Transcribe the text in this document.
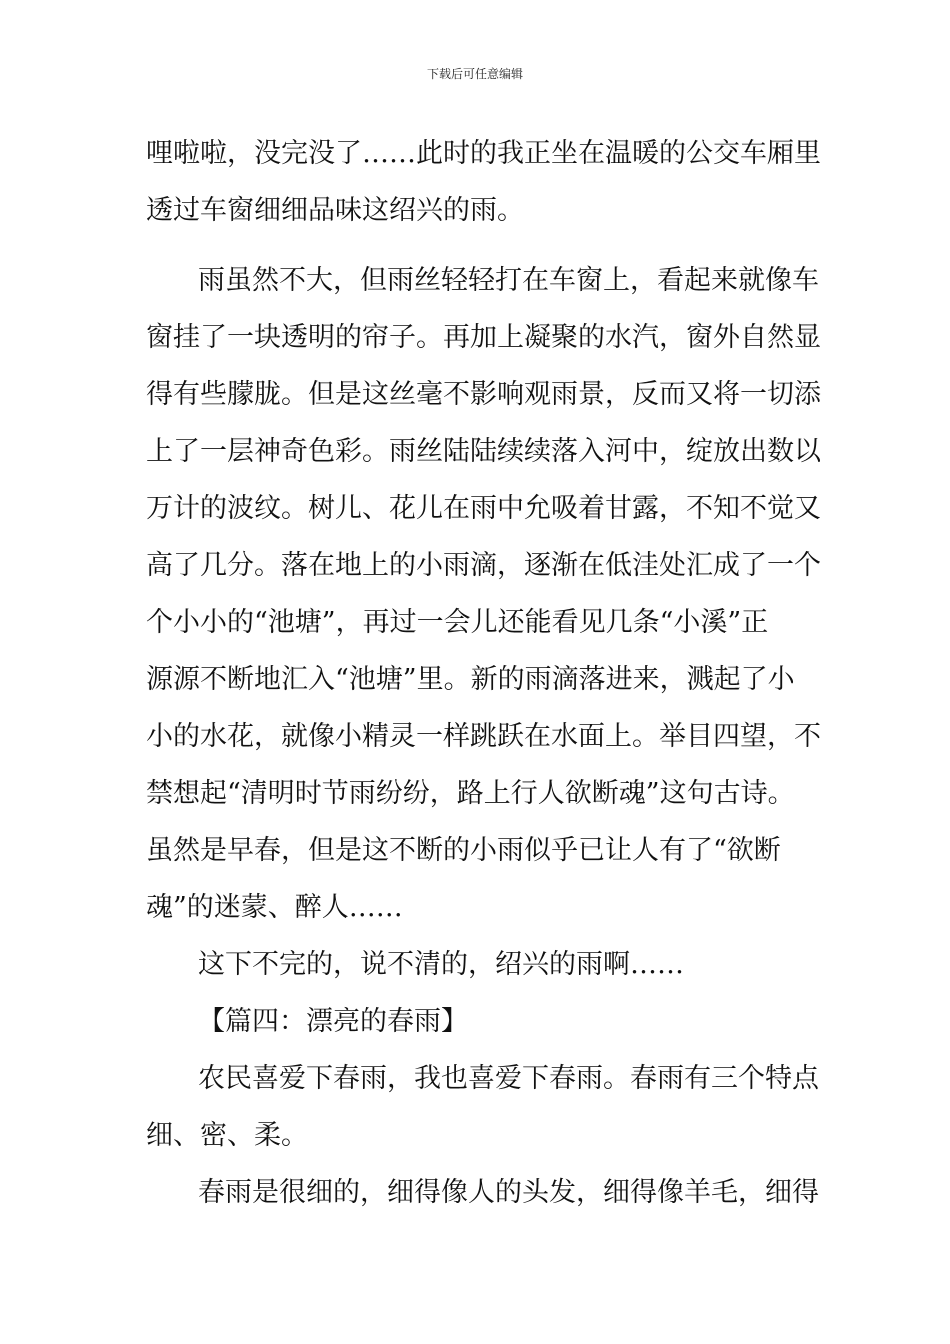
下载后可任意编辑
哩啦啦，没完没了……此时的我正坐在温暖的公交车厢里
透过车窗细细品味这绍兴的雨。
雨虽然不大，但雨丝轻轻打在车窗上，看起来就像车
窗挂了一块透明的帘子。再加上凝聚的水汽，窗外自然显
得有些朦胧。但是这丝毫不影响观雨景，反而又将一切添
上了一层神奇色彩。雨丝陆陆续续落入河中，绽放出数以
万计的波纹。树儿、花儿在雨中允吸着甘露，不知不觉又
高了几分。落在地上的小雨滴，逐渐在低洼处汇成了一个
个小小的“池塘”，再过一会儿还能看见几条“小溪”正
源源不断地汇入“池塘”里。新的雨滴落进来，溅起了小
小的水花，就像小精灵一样跳跃在水面上。举目四望，不
禁想起“清明时节雨纷纷，路上行人欲断魂”这句古诗。
虽然是早春，但是这不断的小雨似乎已让人有了“欲断
魂”的迷蒙、醉人……
这下不完的，说不清的，绍兴的雨啊……
【篇四：漂亮的春雨】
农民喜爱下春雨，我也喜爱下春雨。春雨有三个特点
细、密、柔。
春雨是很细的，细得像人的头发，细得像羊毛，细得
